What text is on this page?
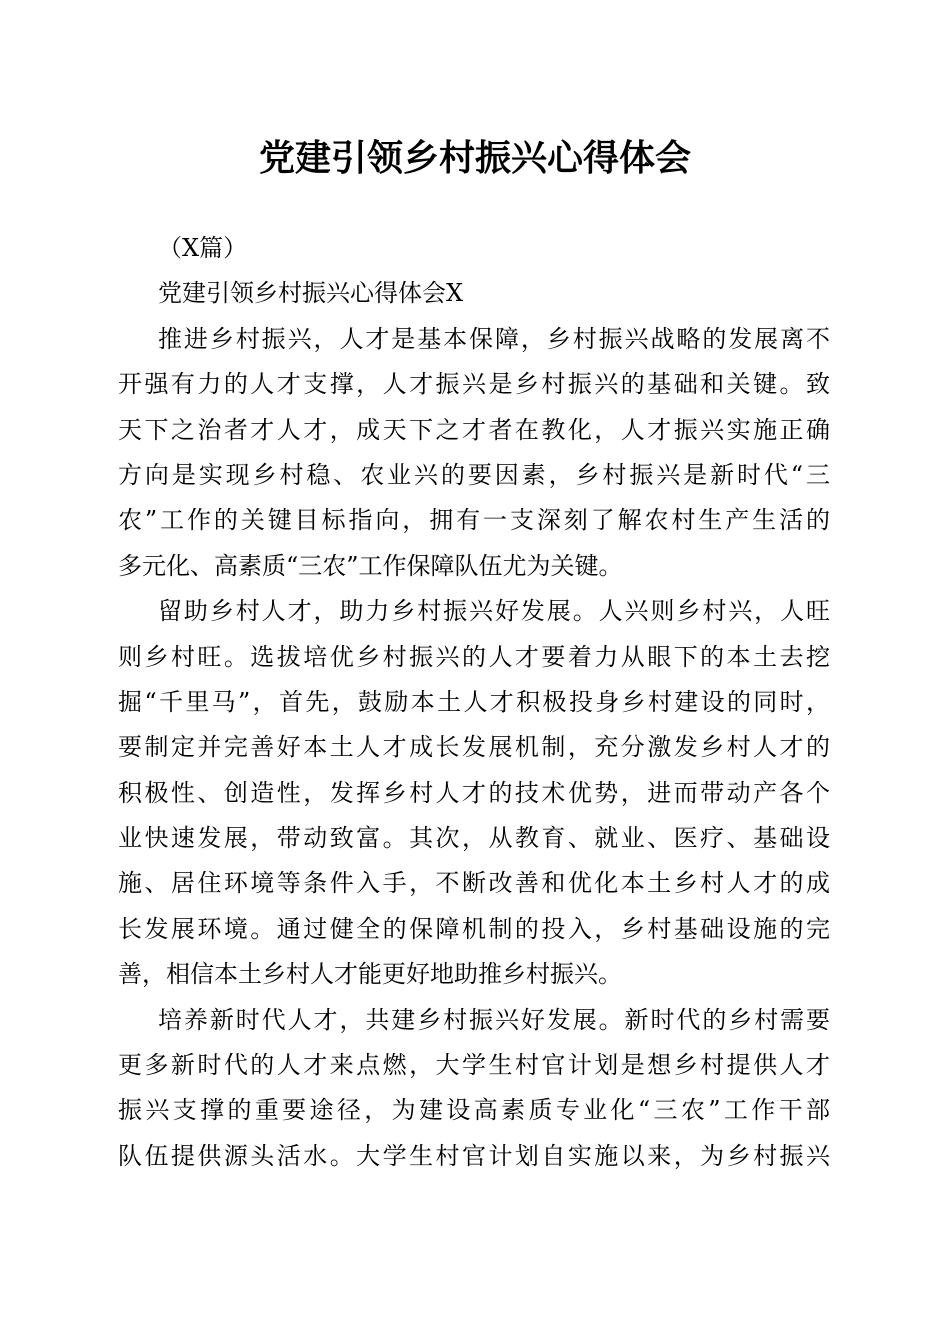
党建引领乡村振兴心得体会
（X篇）
党建引领乡村振兴心得体会X
推进乡村振兴，人才是基本保障，乡村振兴战略的发展离不
开强有力的人才支撑，人才振兴是乡村振兴的基础和关键。致
天下之治者才人才，成天下之才者在教化，人才振兴实施正确
方向是实现乡村稳、农业兴的要因素，乡村振兴是新时代“三
农”工作的关键目标指向，拥有一支深刻了解农村生产生活的
多元化、高素质“三农”工作保障队伍尤为关键。
留助乡村人才，助力乡村振兴好发展。人兴则乡村兴，人旺
则乡村旺。选拔培优乡村振兴的人才要着力从眼下的本土去挖
掘“千里马”，首先，鼓励本土人才积极投身乡村建设的同时，
要制定并完善好本土人才成长发展机制，充分激发乡村人才的
积极性、创造性，发挥乡村人才的技术优势，进而带动产各个
业快速发展，带动致富。其次，从教育、就业、医疗、基础设
施、居住环境等条件入手，不断改善和优化本土乡村人才的成
长发展环境。通过健全的保障机制的投入，乡村基础设施的完
善，相信本土乡村人才能更好地助推乡村振兴。
培养新时代人才，共建乡村振兴好发展。新时代的乡村需要
更多新时代的人才来点燃，大学生村官计划是想乡村提供人才
振兴支撑的重要途径，为建设高素质专业化“三农”工作干部
队伍提供源头活水。大学生村官计划自实施以来，为乡村振兴
